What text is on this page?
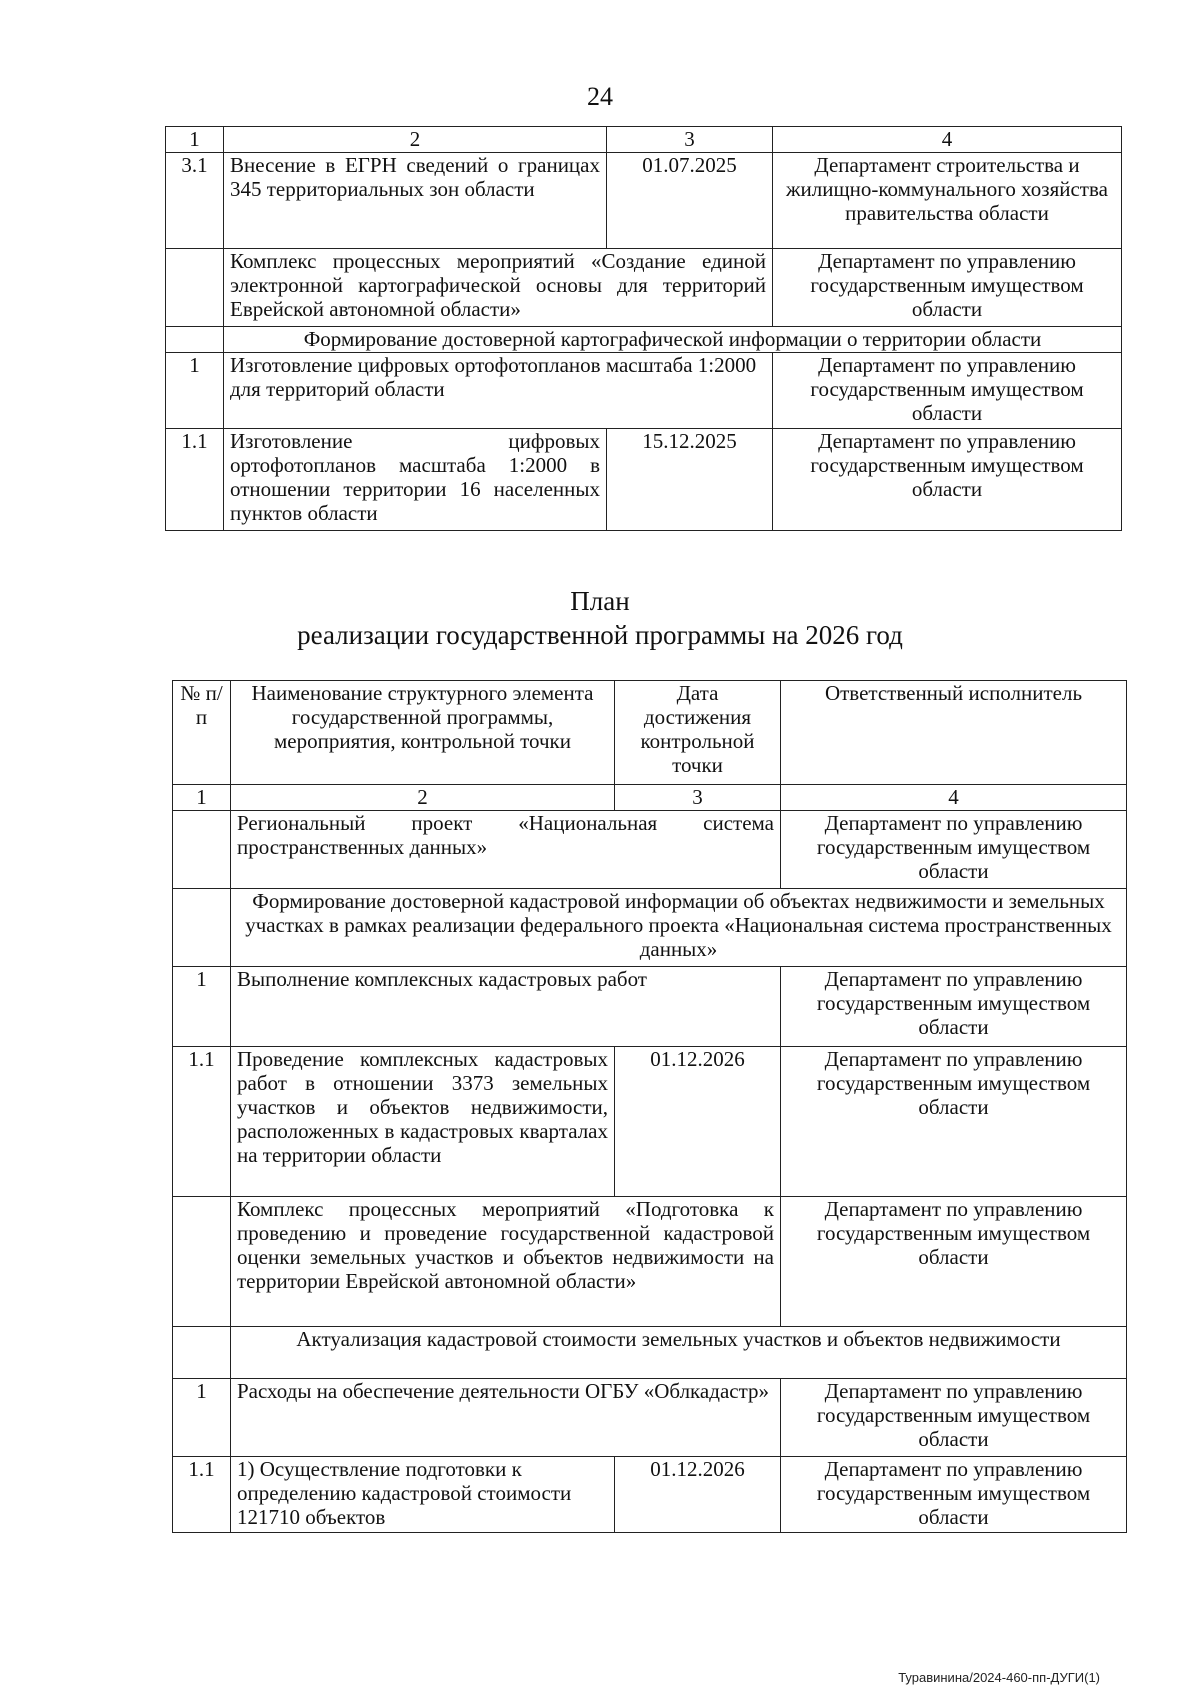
24
1	2	3	4
3.1	Внесение в ЕГРН сведений о границах 345 территориальных зон области	01.07.2025	Департамент строительства и жилищно-коммунального хозяйства правительства области
	Комплекс процессных мероприятий «Создание единой электронной картографической основы для территорий Еврейской автономной области»		Департамент по управлению государственным имуществом области
	Формирование достоверной картографической информации о территории области		
1	Изготовление цифровых ортофотопланов масштаба 1:2000 для территорий области		Департамент по управлению государственным имуществом области
1.1	Изготовление цифровых ортофотопланов масштаба 1:2000 в отношении территории 16 населенных пунктов области	15.12.2025	Департамент по управлению государственным имуществом области
План
реализации государственной программы на 2026 год
№ п/п	Наименование структурного элемента государственной программы, мероприятия, контрольной точки	Дата достижения контрольной точки	Ответственный исполнитель
1	2	3	4
	Региональный проект «Национальная система пространственных данных»		Департамент по управлению государственным имуществом области
	Формирование достоверной кадастровой информации об объектах недвижимости и земельных участках в рамках реализации федерального проекта «Национальная система пространственных данных»		
1	Выполнение комплексных кадастровых работ		Департамент по управлению государственным имуществом области
1.1	Проведение комплексных кадастровых работ в отношении 3373 земельных участков и объектов недвижимости, расположенных в кадастровых кварталах на территории области	01.12.2026	Департамент по управлению государственным имуществом области
	Комплекс процессных мероприятий «Подготовка к проведению и проведение государственной кадастровой оценки земельных участков и объектов недвижимости на территории Еврейской автономной области»		Департамент по управлению государственным имуществом области
	Актуализация кадастровой стоимости земельных участков и объектов недвижимости		
1	Расходы на обеспечение деятельности ОГБУ «Облкадастр»		Департамент по управлению государственным имуществом области
1.1	1) Осуществление подготовки к определению кадастровой стоимости 121710 объектов	01.12.2026	Департамент по управлению государственным имуществом области
Туравинина/2024-460-пп-ДУГИ(1)
